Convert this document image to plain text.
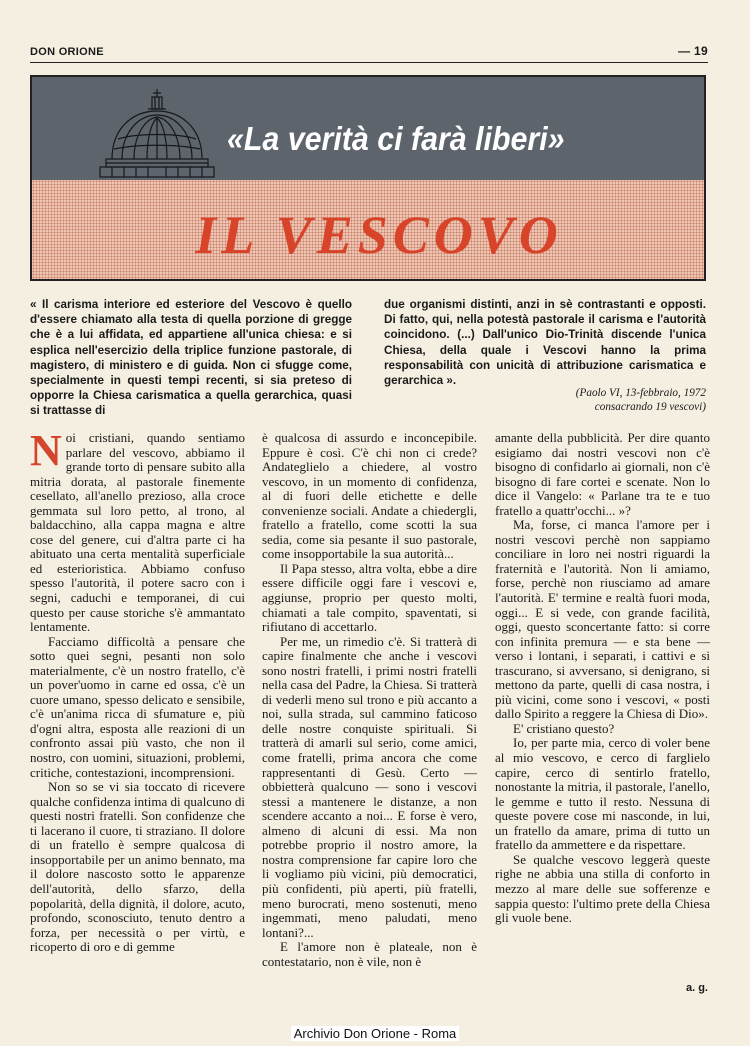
DON ORIONE	— 19
«La verità ci farà liberi»
IL VESCOVO
« Il carisma interiore ed esteriore del Vescovo è quello d'essere chiamato alla testa di quella porzione di gregge che è a lui affidata, ed appartiene all'unica chiesa: e si esplica nell'esercizio della triplice funzione pastorale, di magistero, di ministero e di guida. Non ci sfugge come, specialmente in questi tempi recenti, si sia preteso di opporre la Chiesa carismatica a quella gerarchica, quasi si trattasse di
due organismi distinti, anzi in sè contrastanti e opposti. Di fatto, qui, nella potestà pastorale il carisma e l'autorità coincidono. (...) Dall'unico Dio-Trinità discende l'unica Chiesa, della quale i Vescovi hanno la prima responsabilità con unicità di attribuzione carismatica e gerarchica ».
(Paolo VI, 13-febbraio, 1972
consacrando 19 vescovi)

Noi cristiani, quando sentiamo parlare del vescovo, abbiamo il grande torto di pensare subito alla mitria dorata, al pastorale finemente cesellato, all'anello prezioso, alla croce gemmata sul loro petto, al trono, al baldacchino, alla cappa magna e altre cose del genere, cui d'altra parte ci ha abituato una certa mentalità superficiale ed esterioristica. Abbiamo confuso spesso l'autorità, il potere sacro con i segni, caduchi e temporanei, di cui questo per cause storiche s'è ammantato lentamente.

Facciamo difficoltà a pensare che sotto quei segni, pesanti non solo materialmente, c'è un nostro fratello, c'è un pover'uomo in carne ed ossa, c'è un cuore umano, spesso delicato e sensibile, c'è un'anima ricca di sfumature e, più d'ogni altra, esposta alle reazioni di un confronto assai più vasto, che non il nostro, con uomini, situazioni, problemi, critiche, contestazioni, incomprensioni.

Non so se vi sia toccato di ricevere qualche confidenza intima di qualcuno di questi nostri fratelli. Son confidenze che ti lacerano il cuore, ti straziano. Il dolore di un fratello è sempre qualcosa di insopportabile per un animo bennato, ma il dolore nascosto sotto le apparenze dell'autorità, dello sfarzo, della popolarità, della dignità, il dolore, acuto, profondo, sconosciuto, tenuto dentro a forza, per necessità o per virtù, e ricoperto di oro e di gemme

è qualcosa di assurdo e inconcepibile. Eppure è così. C'è chi non ci crede? Andateglielo a chiedere, al vostro vescovo, in un momento di confidenza, al di fuori delle etichette e delle convenienze sociali. Andate a chiedergli, fratello a fratello, come scotti la sua sedia, come sia pesante il suo pastorale, come insopportabile la sua autorità...

Il Papa stesso, altra volta, ebbe a dire essere difficile oggi fare i vescovi e, aggiunse, proprio per questo molti, chiamati a tale compito, spaventati, si rifiutano di accettarlo.

Per me, un rimedio c'è. Si tratterà di capire finalmente che anche i vescovi sono nostri fratelli, i primi nostri fratelli nella casa del Padre, la Chiesa. Si tratterà di vederli meno sul trono e più accanto a noi, sulla strada, sul cammino faticoso delle nostre conquiste spirituali. Si tratterà di amarli sul serio, come amici, come fratelli, prima ancora che come rappresentanti di Gesù. Certo — obbietterà qualcuno — sono i vescovi stessi a mantenere le distanze, a non scendere accanto a noi... E forse è vero, almeno di alcuni di essi. Ma non potrebbe proprio il nostro amore, la nostra comprensione far capire loro che li vogliamo più vicini, più democratici, più confidenti, più aperti, più fratelli, meno burocrati, meno sostenuti, meno ingemmati, meno paludati, meno lontani?...

E l'amore non è plateale, non è contestatario, non è vile, non è

amante della pubblicità. Per dire quanto esigiamo dai nostri vescovi non c'è bisogno di confidarlo ai giornali, non c'è bisogno di fare cortei e scenate. Non lo dice il Vangelo: « Parlane tra te e tuo fratello a quattr'occhi... »?

Ma, forse, ci manca l'amore per i nostri vescovi perchè non sappiamo conciliare in loro nei nostri riguardi la fraternità e l'autorità. Non li amiamo, forse, perchè non riusciamo ad amare l'autorità. E' termine e realtà fuori moda, oggi... E si vede, con grande facilità, oggi, questo sconcertante fatto: si corre con infinita premura — e sta bene — verso i lontani, i separati, i cattivi e si trascurano, si avversano, si denigrano, si mettono da parte, quelli di casa nostra, i più vicini, come sono i vescovi, « posti dallo Spirito a reggere la Chiesa di Dio».

E' cristiano questo?

Io, per parte mia, cerco di voler bene al mio vescovo, e cerco di farglielo capire, cerco di sentirlo fratello, nonostante la mitria, il pastorale, l'anello, le gemme e tutto il resto. Nessuna di queste povere cose mi nasconde, in lui, un fratello da amare, prima di tutto un fratello da ammettere e da rispettare.

Se qualche vescovo leggerà queste righe ne abbia una stilla di conforto in mezzo al mare delle sue sofferenze e sappia questo: l'ultimo prete della Chiesa gli vuole bene.

a. g.
Archivio Don Orione - Roma
